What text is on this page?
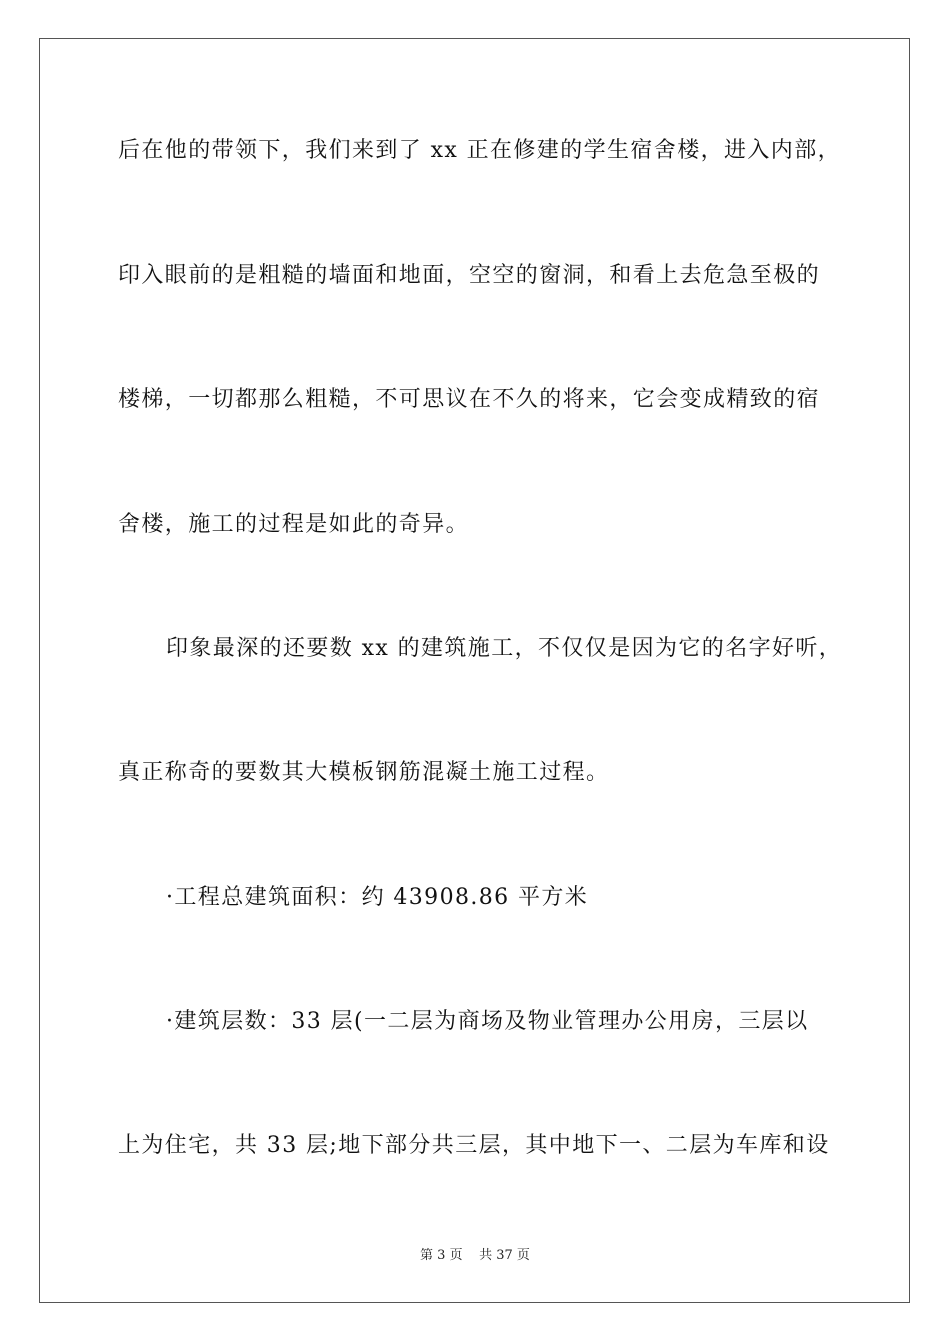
后在他的带领下，我们来到了 xx 正在修建的学生宿舍楼，进入内部，
印入眼前的是粗糙的墙面和地面，空空的窗洞，和看上去危急至极的
楼梯，一切都那么粗糙，不可思议在不久的将来，它会变成精致的宿
舍楼，施工的过程是如此的奇异。
印象最深的还要数 xx 的建筑施工，不仅仅是因为它的名字好听，
真正称奇的要数其大模板钢筋混凝土施工过程。
·工程总建筑面积：约 43908.86 平方米
·建筑层数：33 层(一二层为商场及物业管理办公用房，三层以
上为住宅，共 33 层;地下部分共三层，其中地下一、二层为车库和设
第 3 页 共 37 页
